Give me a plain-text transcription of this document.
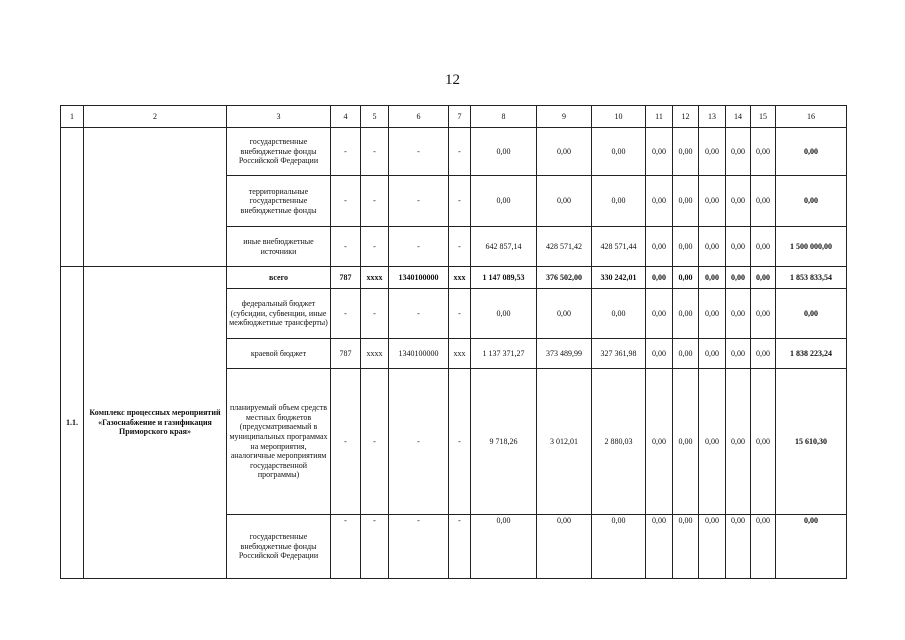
12
1	2	3	4	5	6	7	8	9	10	11	12	13	14	15	16
		государственные внебюджетные фонды Российской Федерации	-	-	-	-	0,00	0,00	0,00	0,00	0,00	0,00	0,00	0,00	0,00
		территориальные государственные внебюджетные фонды	-	-	-	-	0,00	0,00	0,00	0,00	0,00	0,00	0,00	0,00	0,00
		иные внебюджетные источники	-	-	-	-	642 857,14	428 571,42	428 571,44	0,00	0,00	0,00	0,00	0,00	1 500 000,00
1.1.	Комплекс процессных мероприятий «Газоснабжение и газификация Приморского края»	всего	787	xxxx	1340100000	xxx	1 147 089,53	376 502,00	330 242,01	0,00	0,00	0,00	0,00	0,00	1 853 833,54
		федеральный бюджет (субсидии, субвенции, иные межбюджетные трансферты)	-	-	-	-	0,00	0,00	0,00	0,00	0,00	0,00	0,00	0,00	0,00
		краевой бюджет	787	xxxx	1340100000	xxx	1 137 371,27	373 489,99	327 361,98	0,00	0,00	0,00	0,00	0,00	1 838 223,24
		планируемый объем средств местных бюджетов (предусматриваемый в муниципальных программах на мероприятия, аналогичные мероприятиям государственной программы)	-	-	-	-	9 718,26	3 012,01	2 880,03	0,00	0,00	0,00	0,00	0,00	15 610,30
		государственные внебюджетные фонды Российской Федерации	-	-	-	-	0,00	0,00	0,00	0,00	0,00	0,00	0,00	0,00	0,00
